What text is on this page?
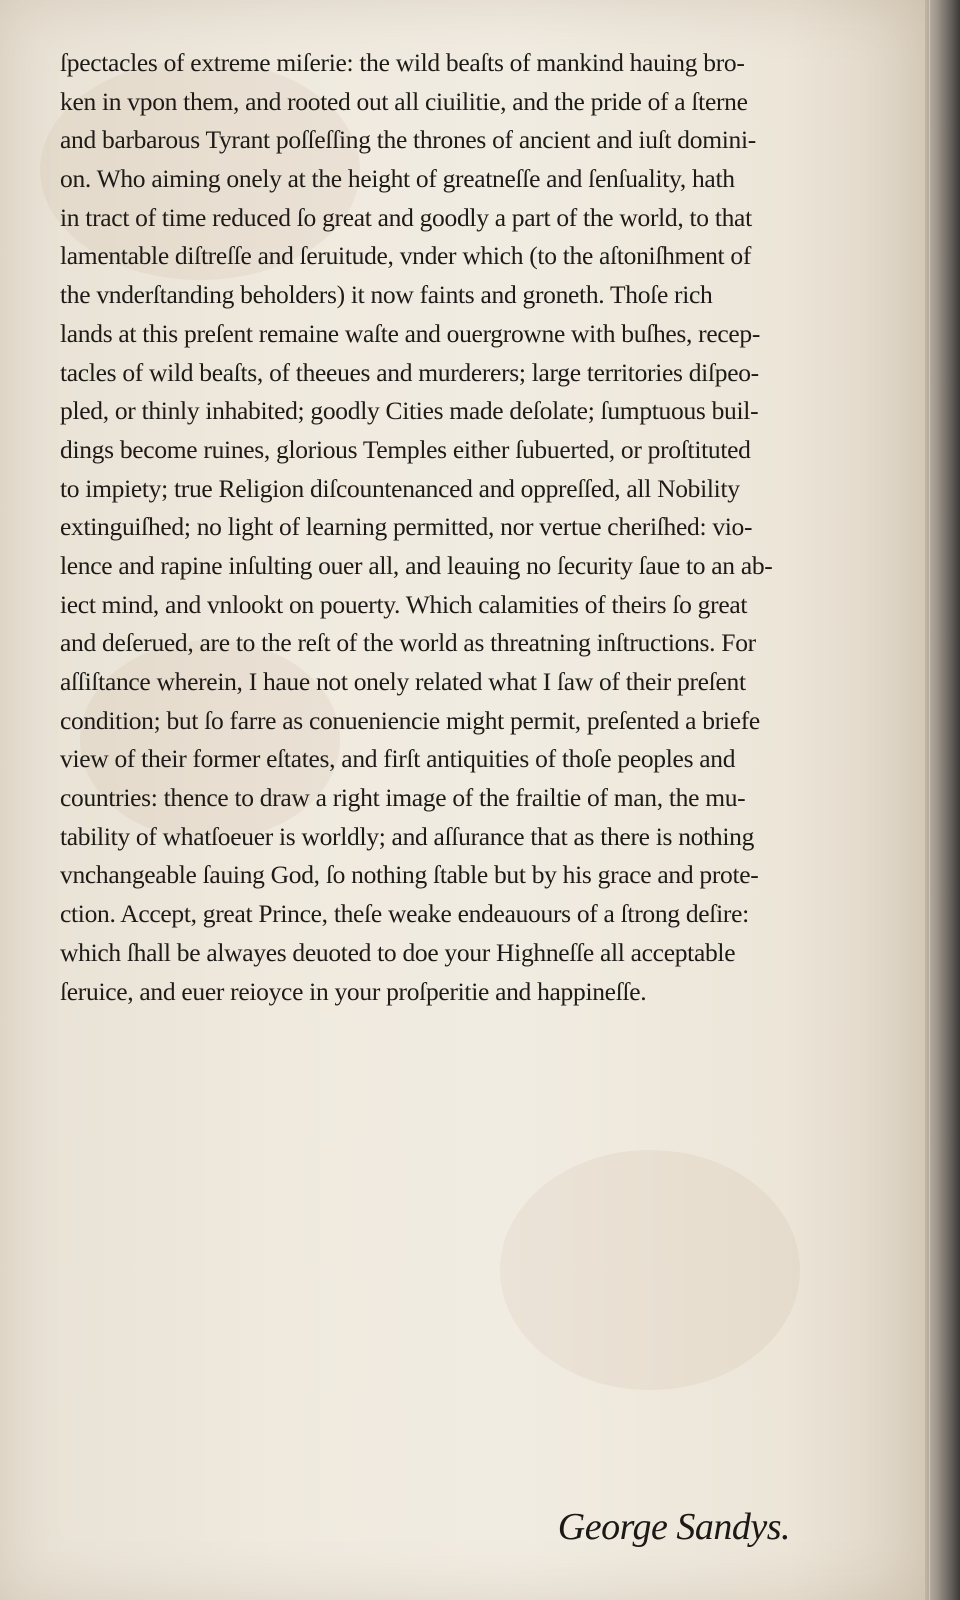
ſpectacles of extreme miſerie: the wild beaſts of mankind hauing bro-
ken in vpon them, and rooted out all ciuilitie, and the pride of a ſterne
and barbarous Tyrant poſſeſſing the thrones of ancient and iuſt domini-
on. Who aiming onely at the height of greatneſſe and ſenſuality, hath
in tract of time reduced ſo great and goodly a part of the world, to that
lamentable diſtreſſe and ſeruitude, vnder which (to the aſtoniſhment of
the vnderſtanding beholders) it now faints and groneth. Thoſe rich
lands at this preſent remaine waſte and ouergrowne with buſhes, recep-
tacles of wild beaſts, of theeues and murderers; large territories diſpeo-
pled, or thinly inhabited; goodly Cities made deſolate; ſumptuous buil-
dings become ruines, glorious Temples either ſubuerted, or proſtituted
to impiety; true Religion diſcountenanced and oppreſſed, all Nobility
extinguiſhed; no light of learning permitted, nor vertue cheriſhed: vio-
lence and rapine inſulting ouer all, and leauing no ſecurity ſaue to an ab-
iect mind, and vnlookt on pouerty. Which calamities of theirs ſo great
and deſerued, are to the reſt of the world as threatning inſtructions. For
aſſiſtance wherein, I haue not onely related what I ſaw of their preſent
condition; but ſo farre as conueniencie might permit, preſented a briefe
view of their former eſtates, and firſt antiquities of thoſe peoples and
countries: thence to draw a right image of the frailtie of man, the mu-
tability of whatſoeuer is worldly; and aſſurance that as there is nothing
vnchangeable ſauing God, ſo nothing ſtable but by his grace and prote-
ction. Accept, great Prince, theſe weake endeauours of a ſtrong deſire:
which ſhall be alwayes deuoted to doe your Highneſſe all acceptable
ſeruice, and euer reioyce in your proſperitie and happineſſe.
George Sandys.
